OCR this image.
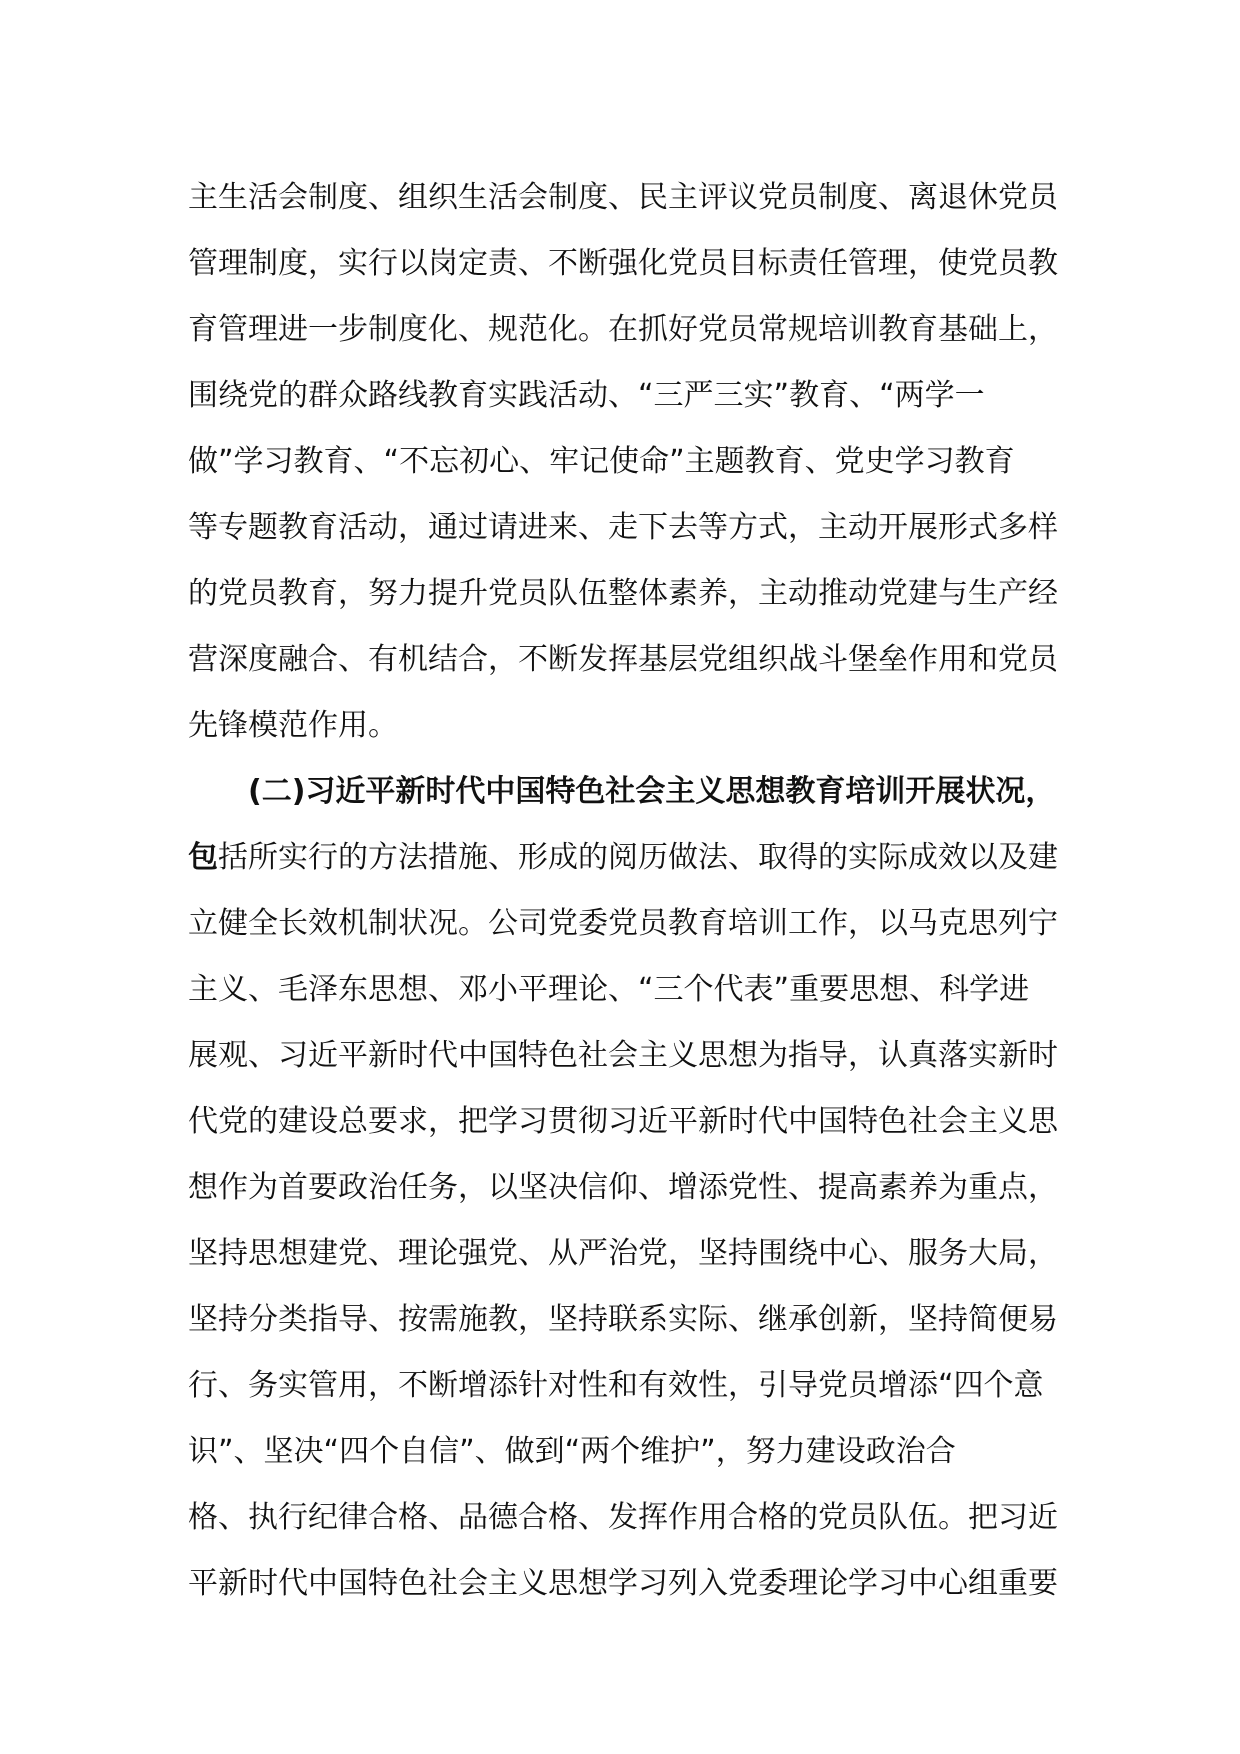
主生活会制度、组织生活会制度、民主评议党员制度、离退休党员
管理制度，实行以岗定责、不断强化党员目标责任管理，使党员教
育管理进一步制度化、规范化。在抓好党员常规培训教育基础上，
围绕党的群众路线教育实践活动、“三严三实”教育、“两学一
做”学习教育、“不忘初心、牢记使命”主题教育、党史学习教育
等专题教育活动，通过请进来、走下去等方式，主动开展形式多样
的党员教育，努力提升党员队伍整体素养，主动推动党建与生产经
营深度融合、有机结合，不断发挥基层党组织战斗堡垒作用和党员
先锋模范作用。
(二)习近平新时代中国特色社会主义思想教育培训开展状况，
包括所实行的方法措施、形成的阅历做法、取得的实际成效以及建
立健全长效机制状况。公司党委党员教育培训工作，以马克思列宁
主义、毛泽东思想、邓小平理论、“三个代表”重要思想、科学进
展观、习近平新时代中国特色社会主义思想为指导，认真落实新时
代党的建设总要求，把学习贯彻习近平新时代中国特色社会主义思
想作为首要政治任务，以坚决信仰、增添党性、提高素养为重点，
坚持思想建党、理论强党、从严治党，坚持围绕中心、服务大局，
坚持分类指导、按需施教，坚持联系实际、继承创新，坚持简便易
行、务实管用，不断增添针对性和有效性，引导党员增添“四个意
识”、坚决“四个自信”、做到“两个维护”，努力建设政治合
格、执行纪律合格、品德合格、发挥作用合格的党员队伍。把习近
平新时代中国特色社会主义思想学习列入党委理论学习中心组重要
